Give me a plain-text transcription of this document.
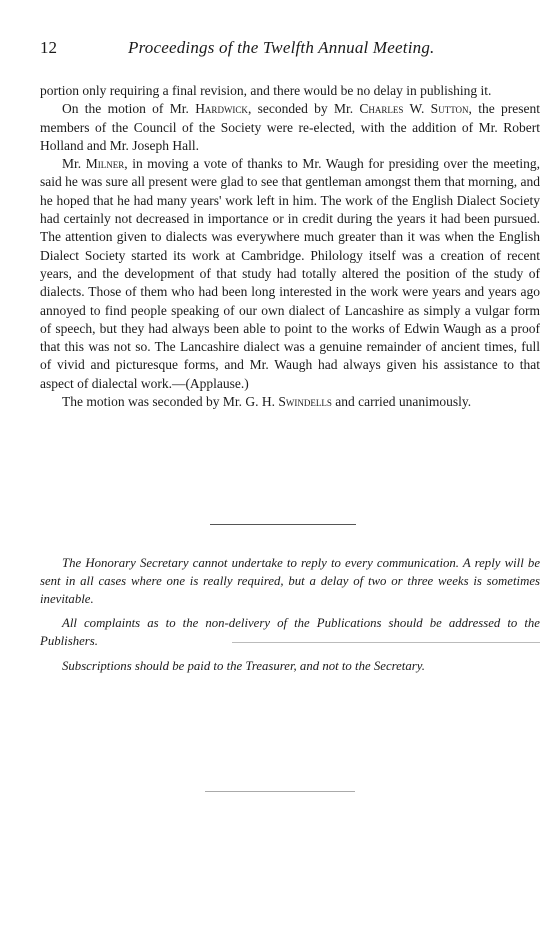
12	Proceedings of the Twelfth Annual Meeting.

portion only requiring a final revision, and there would be no delay in publishing it.

On the motion of Mr. Hardwick, seconded by Mr. Charles W. Sutton, the present members of the Council of the Society were re-elected, with the addition of Mr. Robert Holland and Mr. Joseph Hall.

Mr. Milner, in moving a vote of thanks to Mr. Waugh for presiding over the meeting, said he was sure all present were glad to see that gentleman amongst them that morning, and he hoped that he had many years' work left in him. The work of the English Dialect Society had certainly not decreased in importance or in credit during the years it had been pursued. The attention given to dialects was everywhere much greater than it was when the English Dialect Society started its work at Cambridge. Philology itself was a creation of recent years, and the development of that study had totally altered the position of the study of dialects. Those of them who had been long interested in the work were years and years ago annoyed to find people speaking of our own dialect of Lancashire as simply a vulgar form of speech, but they had always been able to point to the works of Edwin Waugh as a proof that this was not so. The Lancashire dialect was a genuine remainder of ancient times, full of vivid and picturesque forms, and Mr. Waugh had always given his assistance to that aspect of dialectal work.—(Applause.)

The motion was seconded by Mr. G. H. Swindells and carried unanimously.

The Honorary Secretary cannot undertake to reply to every communication. A reply will be sent in all cases where one is really required, but a delay of two or three weeks is sometimes inevitable.

All complaints as to the non-delivery of the Publications should be addressed to the Publishers.

Subscriptions should be paid to the Treasurer, and not to the Secretary.
